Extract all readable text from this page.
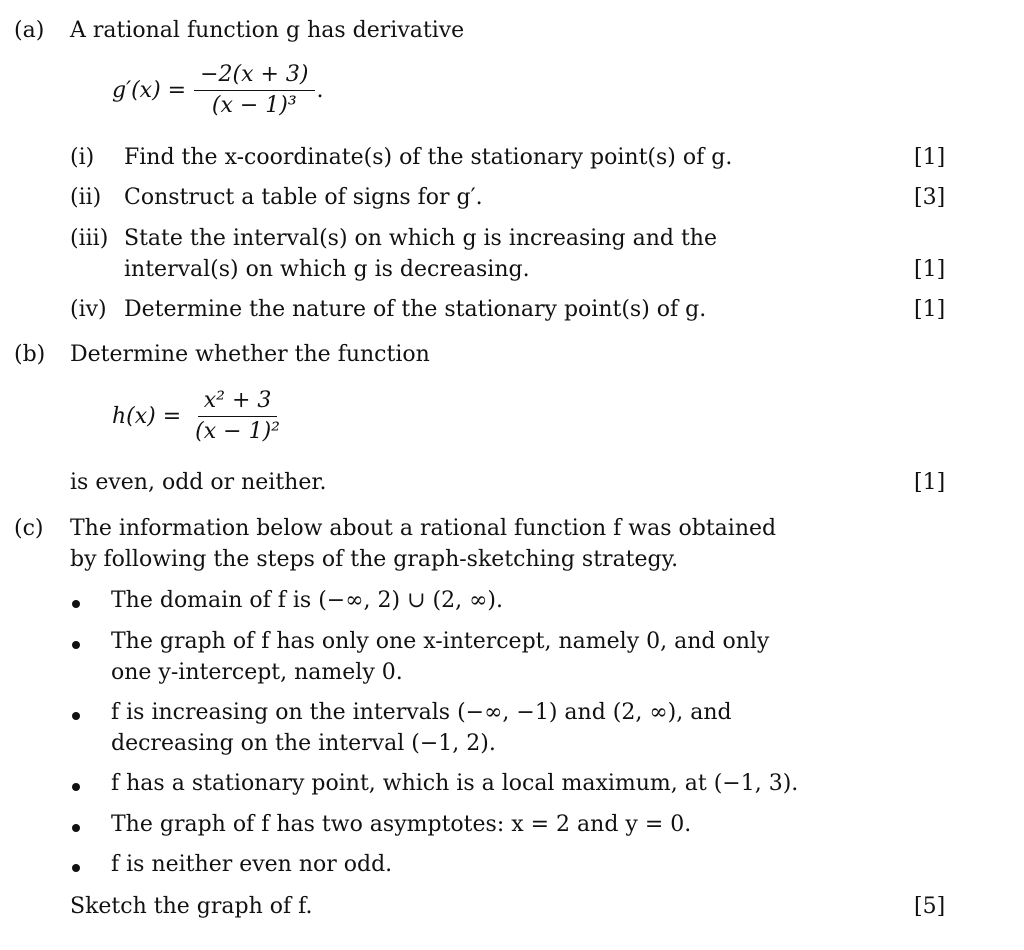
(a) A rational function g has derivative
$g'(x) = \frac{-2(x + 3)}{\text{(x − 1)³}}$ .
(i) Find the x-coordinate(s) of the stationary point(s) of g.	[1]
(ii) Construct a table of signs for g′.	[3]
(iii) State the interval(s) on which g is increasing and the
interval(s) on which g is decreasing.	[1]
(iv) Determine the nature of the stationary point(s) of g.	[1]
(b) Determine whether the function
$h(x) = \frac{\text{x² + 3}}{\text{(x − 1)²}}$
is even, odd or neither.	[1]
(c) The information below about a rational function f was obtained
by following the steps of the graph-sketching strategy.
The domain of f is (−∞, 2) ∪ (2, ∞).
The graph of f has only one x-intercept, namely 0, and only
one y-intercept, namely 0.
f is increasing on the intervals (−∞, −1) and (2, ∞), and
decreasing on the interval (−1, 2).
f has a stationary point, which is a local maximum, at (−1, 3).
The graph of f has two asymptotes: x = 2 and y = 0.
f is neither even nor odd.
Sketch the graph of f.	[5]
